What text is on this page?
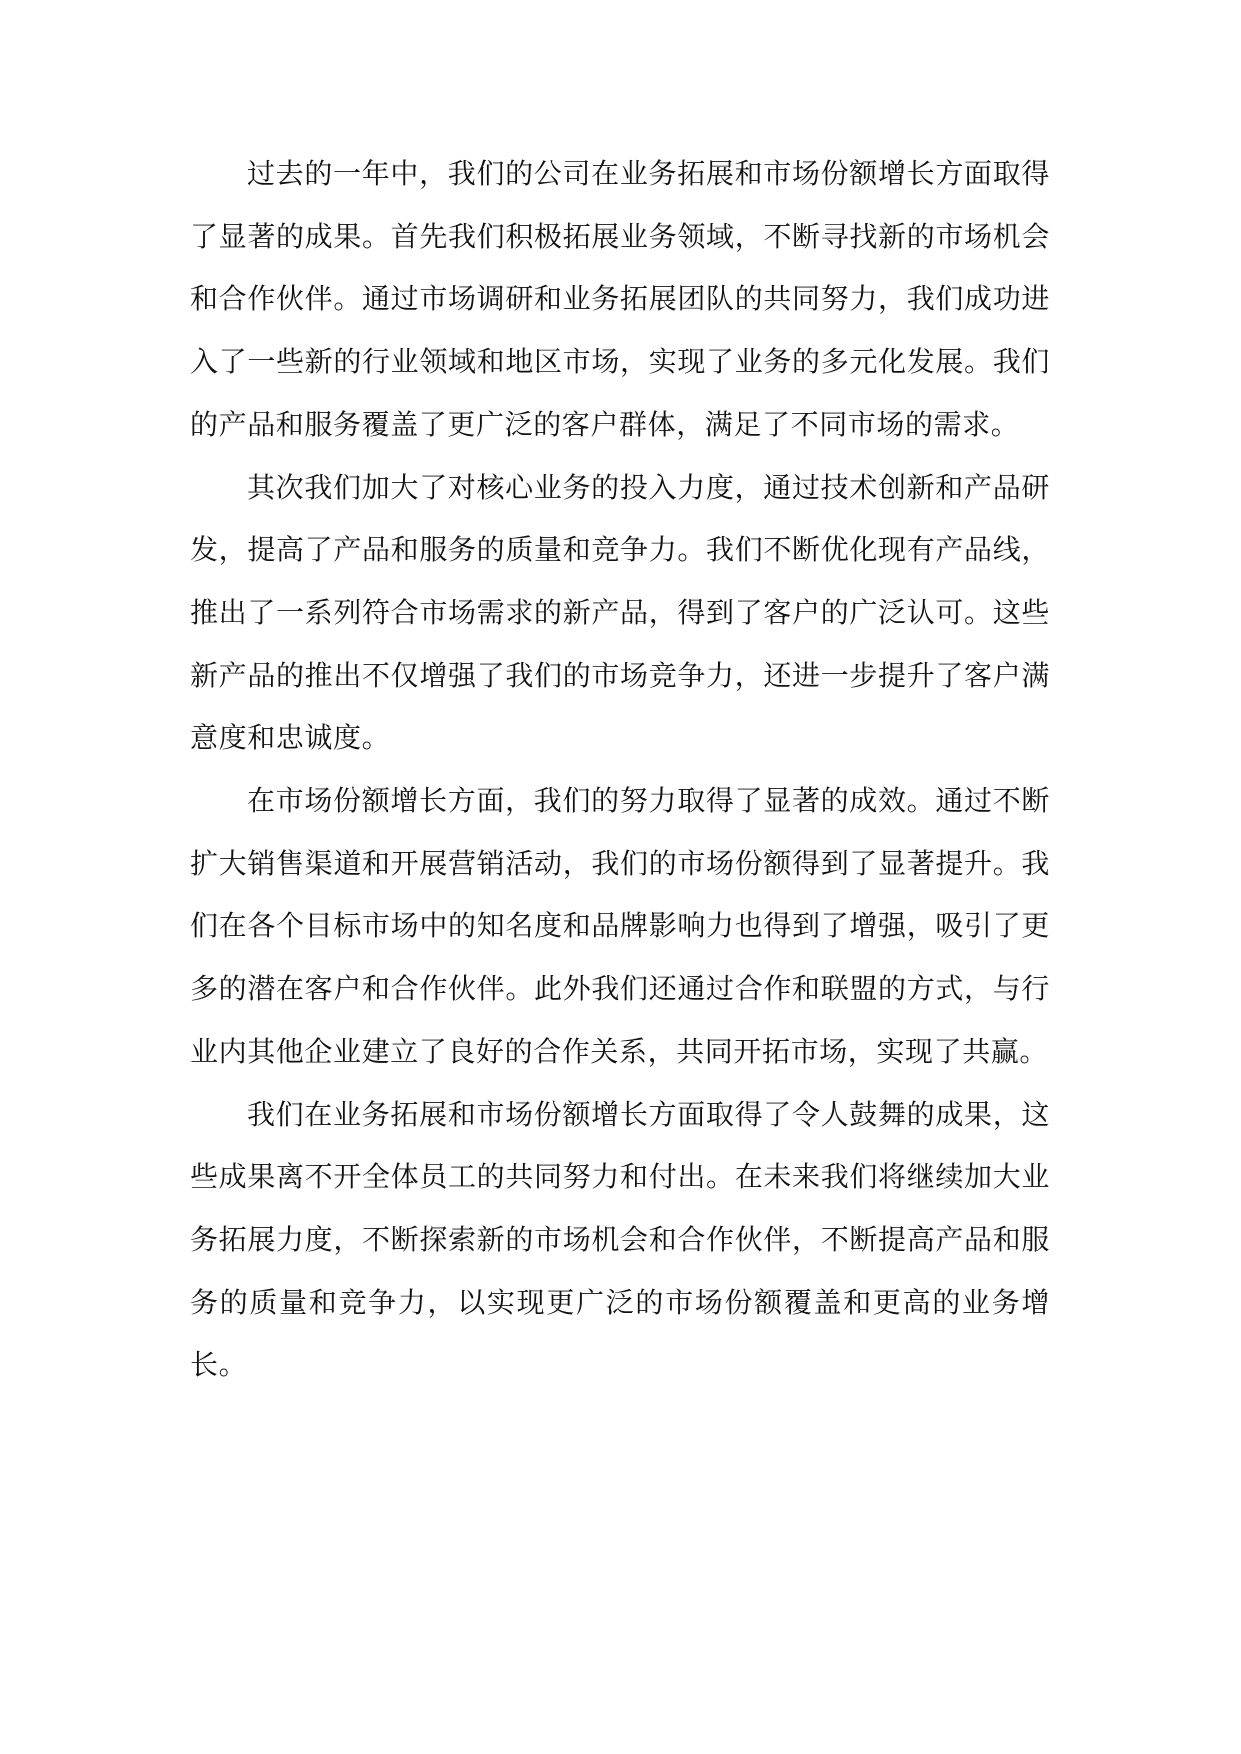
过去的一年中，我们的公司在业务拓展和市场份额增长方面取得了显著的成果。首先我们积极拓展业务领域，不断寻找新的市场机会和合作伙伴。通过市场调研和业务拓展团队的共同努力，我们成功进入了一些新的行业领域和地区市场，实现了业务的多元化发展。我们的产品和服务覆盖了更广泛的客户群体，满足了不同市场的需求。

其次我们加大了对核心业务的投入力度，通过技术创新和产品研发，提高了产品和服务的质量和竞争力。我们不断优化现有产品线，推出了一系列符合市场需求的新产品，得到了客户的广泛认可。这些新产品的推出不仅增强了我们的市场竞争力，还进一步提升了客户满意度和忠诚度。

在市场份额增长方面，我们的努力取得了显著的成效。通过不断扩大销售渠道和开展营销活动，我们的市场份额得到了显著提升。我们在各个目标市场中的知名度和品牌影响力也得到了增强，吸引了更多的潜在客户和合作伙伴。此外我们还通过合作和联盟的方式，与行业内其他企业建立了良好的合作关系，共同开拓市场，实现了共赢。

我们在业务拓展和市场份额增长方面取得了令人鼓舞的成果，这些成果离不开全体员工的共同努力和付出。在未来我们将继续加大业务拓展力度，不断探索新的市场机会和合作伙伴，不断提高产品和服务的质量和竞争力，以实现更广泛的市场份额覆盖和更高的业务增长。
